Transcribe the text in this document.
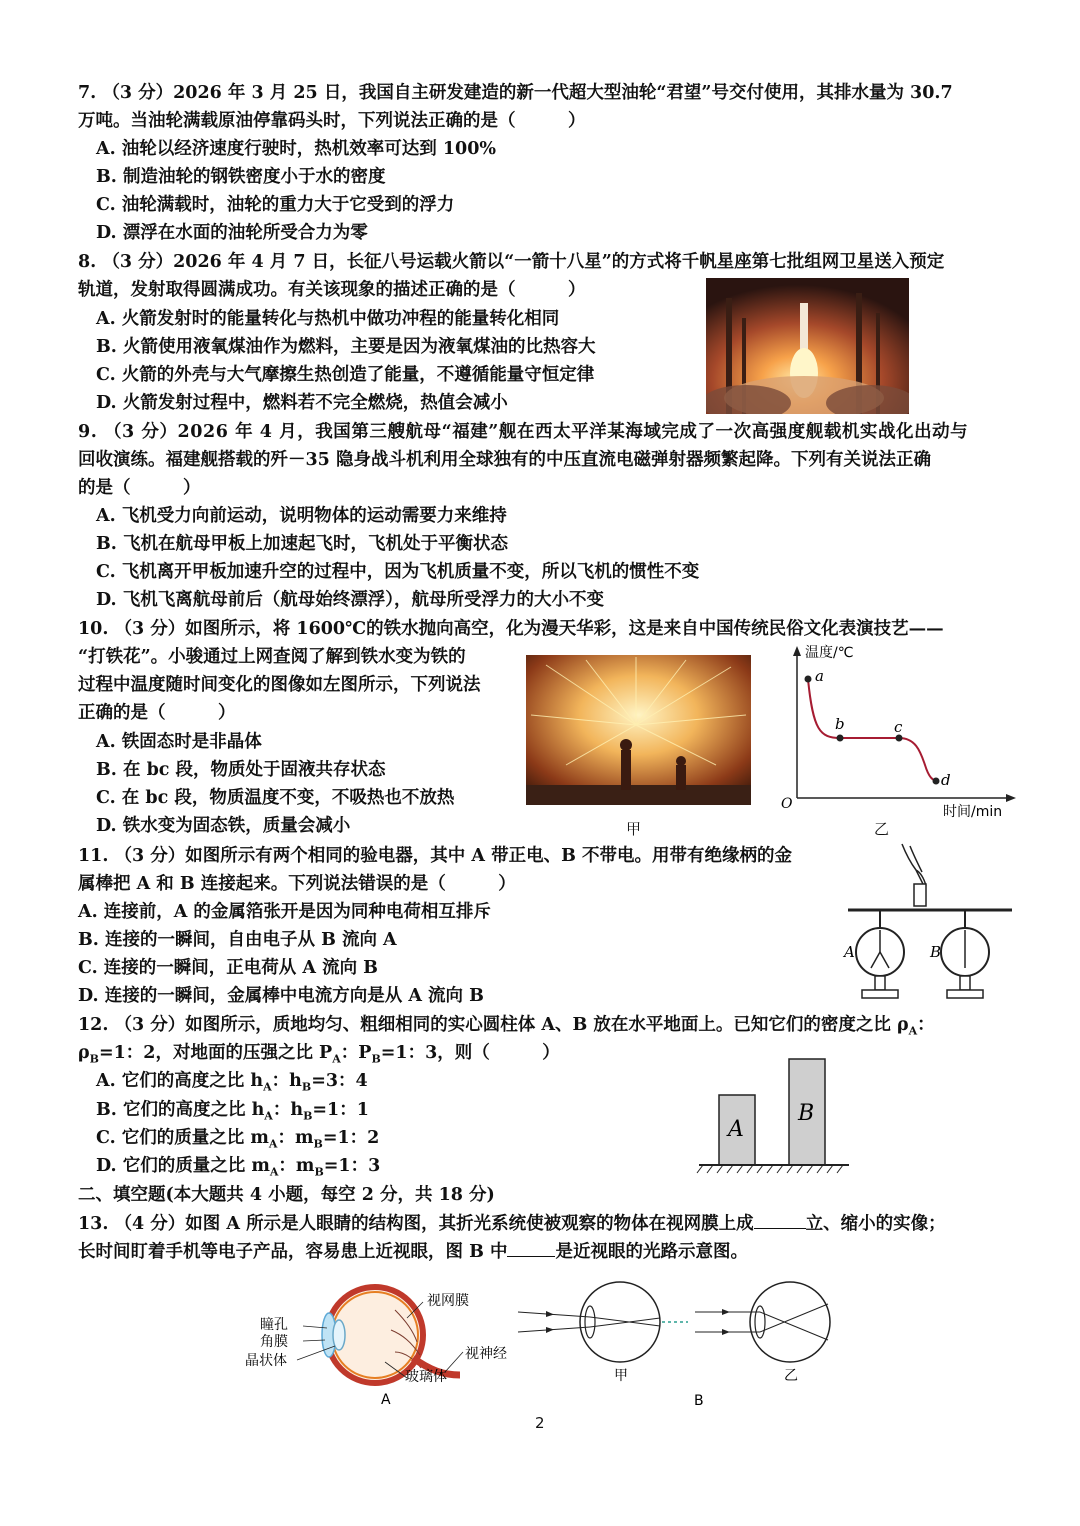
7. （3 分）2026 年 3 月 25 日，我国自主研发建造的新一代超大型油轮“君望”号交付使用，其排水量为 30.7
万吨。当油轮满载原油停靠码头时，下列说法正确的是（　　　）
A. 油轮以经济速度行驶时，热机效率可达到 100%
B. 制造油轮的钢铁密度小于水的密度
C. 油轮满载时，油轮的重力大于它受到的浮力
D. 漂浮在水面的油轮所受合力为零
8. （3 分）2026 年 4 月 7 日，长征八号运载火箭以“一箭十八星”的方式将千帆星座第七批组网卫星送入预定
轨道，发射取得圆满成功。有关该现象的描述正确的是（　　　）
A. 火箭发射时的能量转化与热机中做功冲程的能量转化相同
B. 火箭使用液氧煤油作为燃料，主要是因为液氧煤油的比热容大
C. 火箭的外壳与大气摩擦生热创造了能量，不遵循能量守恒定律
D. 火箭发射过程中，燃料若不完全燃烧，热值会减小
9. （3 分）2026 年 4 月，我国第三艘航母“福建”舰在西太平洋某海域完成了一次高强度舰载机实战化出动与
回收演练。福建舰搭载的歼－35 隐身战斗机利用全球独有的中压直流电磁弹射器频繁起降。下列有关说法正确
的是（　　　）
A. 飞机受力向前运动，说明物体的运动需要力来维持
B. 飞机在航母甲板上加速起飞时，飞机处于平衡状态
C. 飞机离开甲板加速升空的过程中，因为飞机质量不变，所以飞机的惯性不变
D. 飞机飞离航母前后（航母始终漂浮），航母所受浮力的大小不变
10. （3 分）如图所示，将 1600℃的铁水抛向高空，化为漫天华彩，这是来自中国传统民俗文化表演技艺——
“打铁花”。小骏通过上网查阅了解到铁水变为铁的
过程中温度随时间变化的图像如左图所示，下列说法
正确的是（　　　）
A. 铁固态时是非晶体
B. 在 bc 段，物质处于固液共存状态
C. 在 bc 段，物质温度不变，不吸热也不放热
D. 铁水变为固态铁，质量会减小	甲	乙
a
b	c
d
温度/℃
时间/min
O
11. （3 分）如图所示有两个相同的验电器，其中 A 带正电、B 不带电。用带有绝缘柄的金
属棒把 A 和 B 连接起来。下列说法错误的是（　　　）
A. 连接前，A 的金属箔张开是因为同种电荷相互排斥
B. 连接的一瞬间，自由电子从 B 流向 A
C. 连接的一瞬间，正电荷从 A 流向 B
D. 连接的一瞬间，金属棒中电流方向是从 A 流向 B
A	B
12. （3 分）如图所示，质地均匀、粗细相同的实心圆柱体 A、B 放在水平地面上。已知它们的密度之比 $\rho_A$：
$\rho_B=1$：2，对地面的压强之比 $P_A$：$P_B=1$：3，则（　　　）
A. 它们的高度之比 $h_A$：$h_B=3$：4
B. 它们的高度之比 $h_A$：$h_B=1$：1
C. 它们的质量之比 $m_A$：$m_B=1$：2
D. 它们的质量之比 $m_A$：$m_B=1$：3
A
B
二、填空题(本大题共 4 小题，每空 2 分，共 18 分)
13. （4 分）如图 A 所示是人眼睛的结构图，其折光系统使被观察的物体在视网膜上成	立、缩小的实像；
长时间盯着手机等电子产品，容易患上近视眼，图 B 中	是近视眼的光路示意图。
瞳孔
角膜
晶状体
视网膜
视神经
玻璃体
A
甲	乙
B
2
